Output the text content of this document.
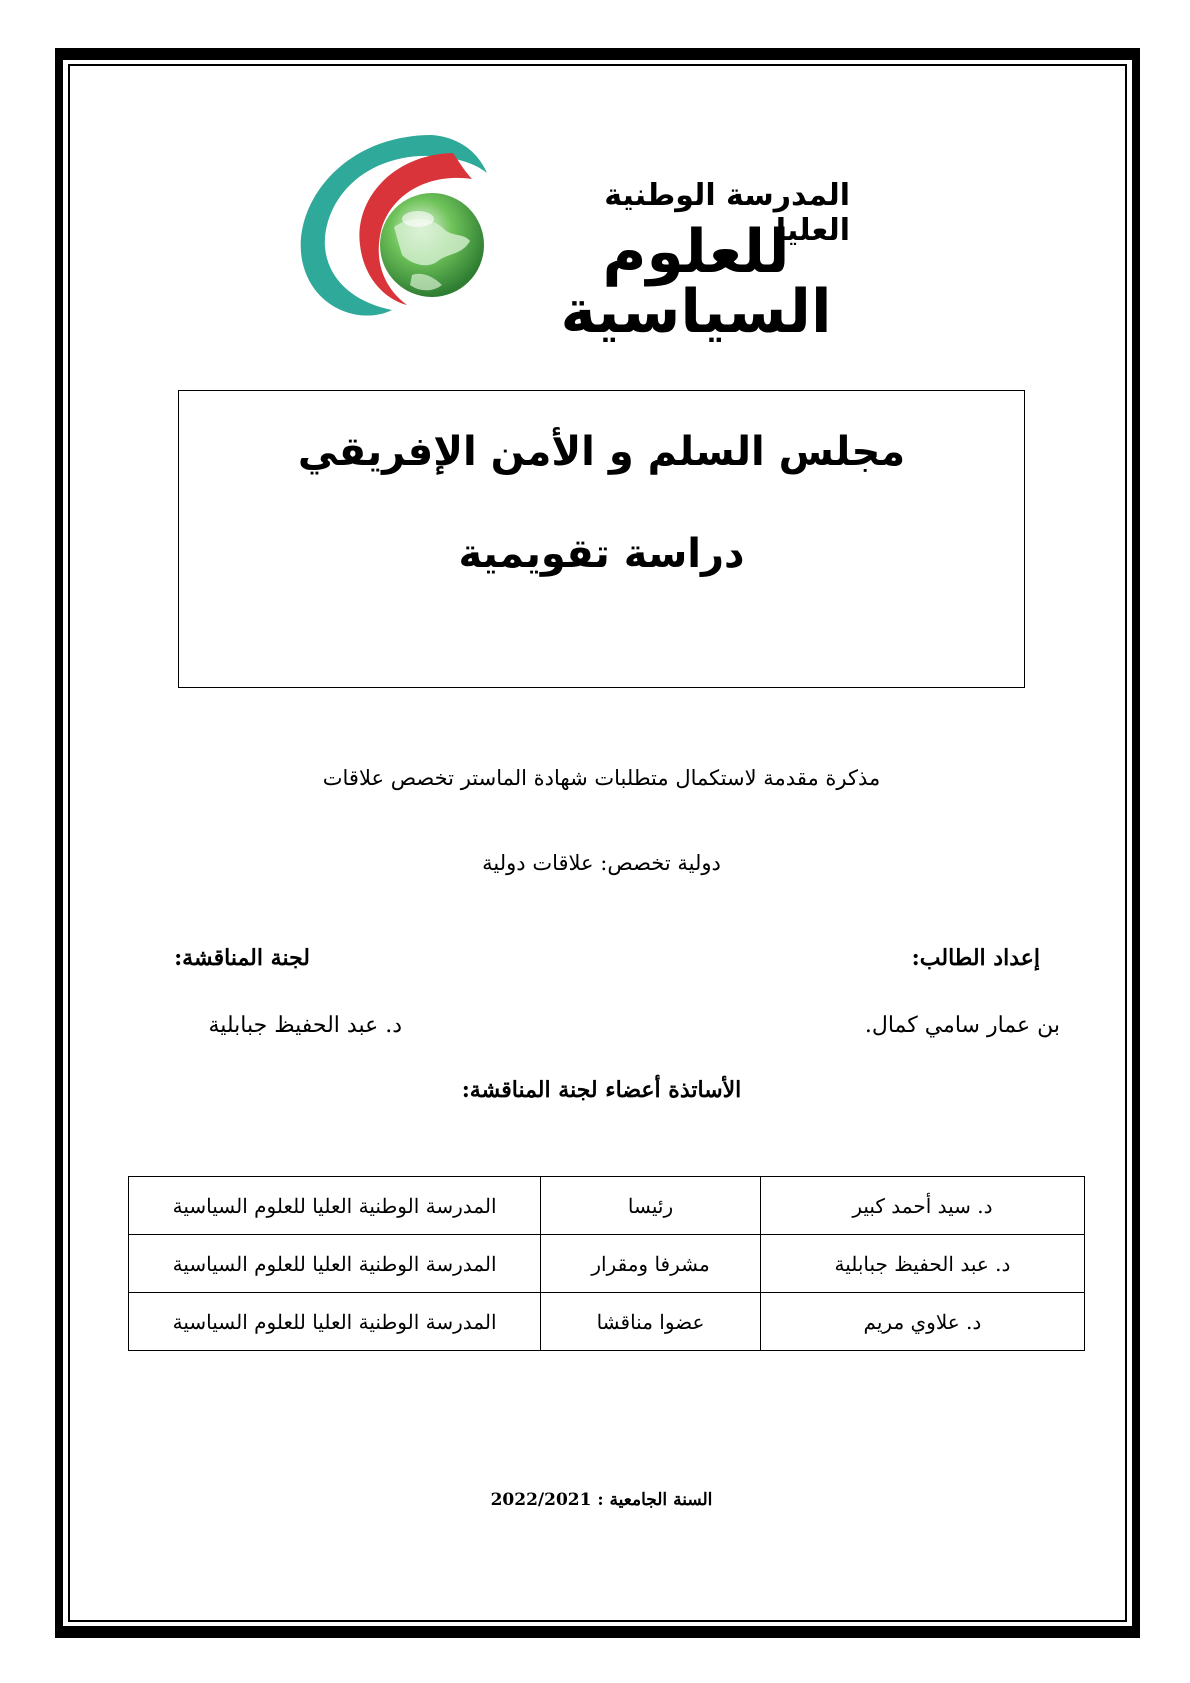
المدرسة الوطنية العليا
للعلوم السياسية
مجلس السلم و الأمن الإفريقي
دراسة تقويمية
مذكرة مقدمة لاستكمال متطلبات شهادة الماستر تخصص علاقات
دولية تخصص: علاقات دولية
إعداد الطالب:
لجنة المناقشة:
بن عمار سامي كمال.
د. عبد الحفيظ جبابلية
الأساتذة أعضاء لجنة المناقشة:
د. سيد أحمد كبير	رئيسا	المدرسة الوطنية العليا للعلوم السياسية
د. عبد الحفيظ جبابلية	مشرفا ومقرار	المدرسة الوطنية العليا للعلوم السياسية
د. علاوي مريم	عضوا مناقشا	المدرسة الوطنية العليا للعلوم السياسية
السنة الجامعية : 2022/2021
